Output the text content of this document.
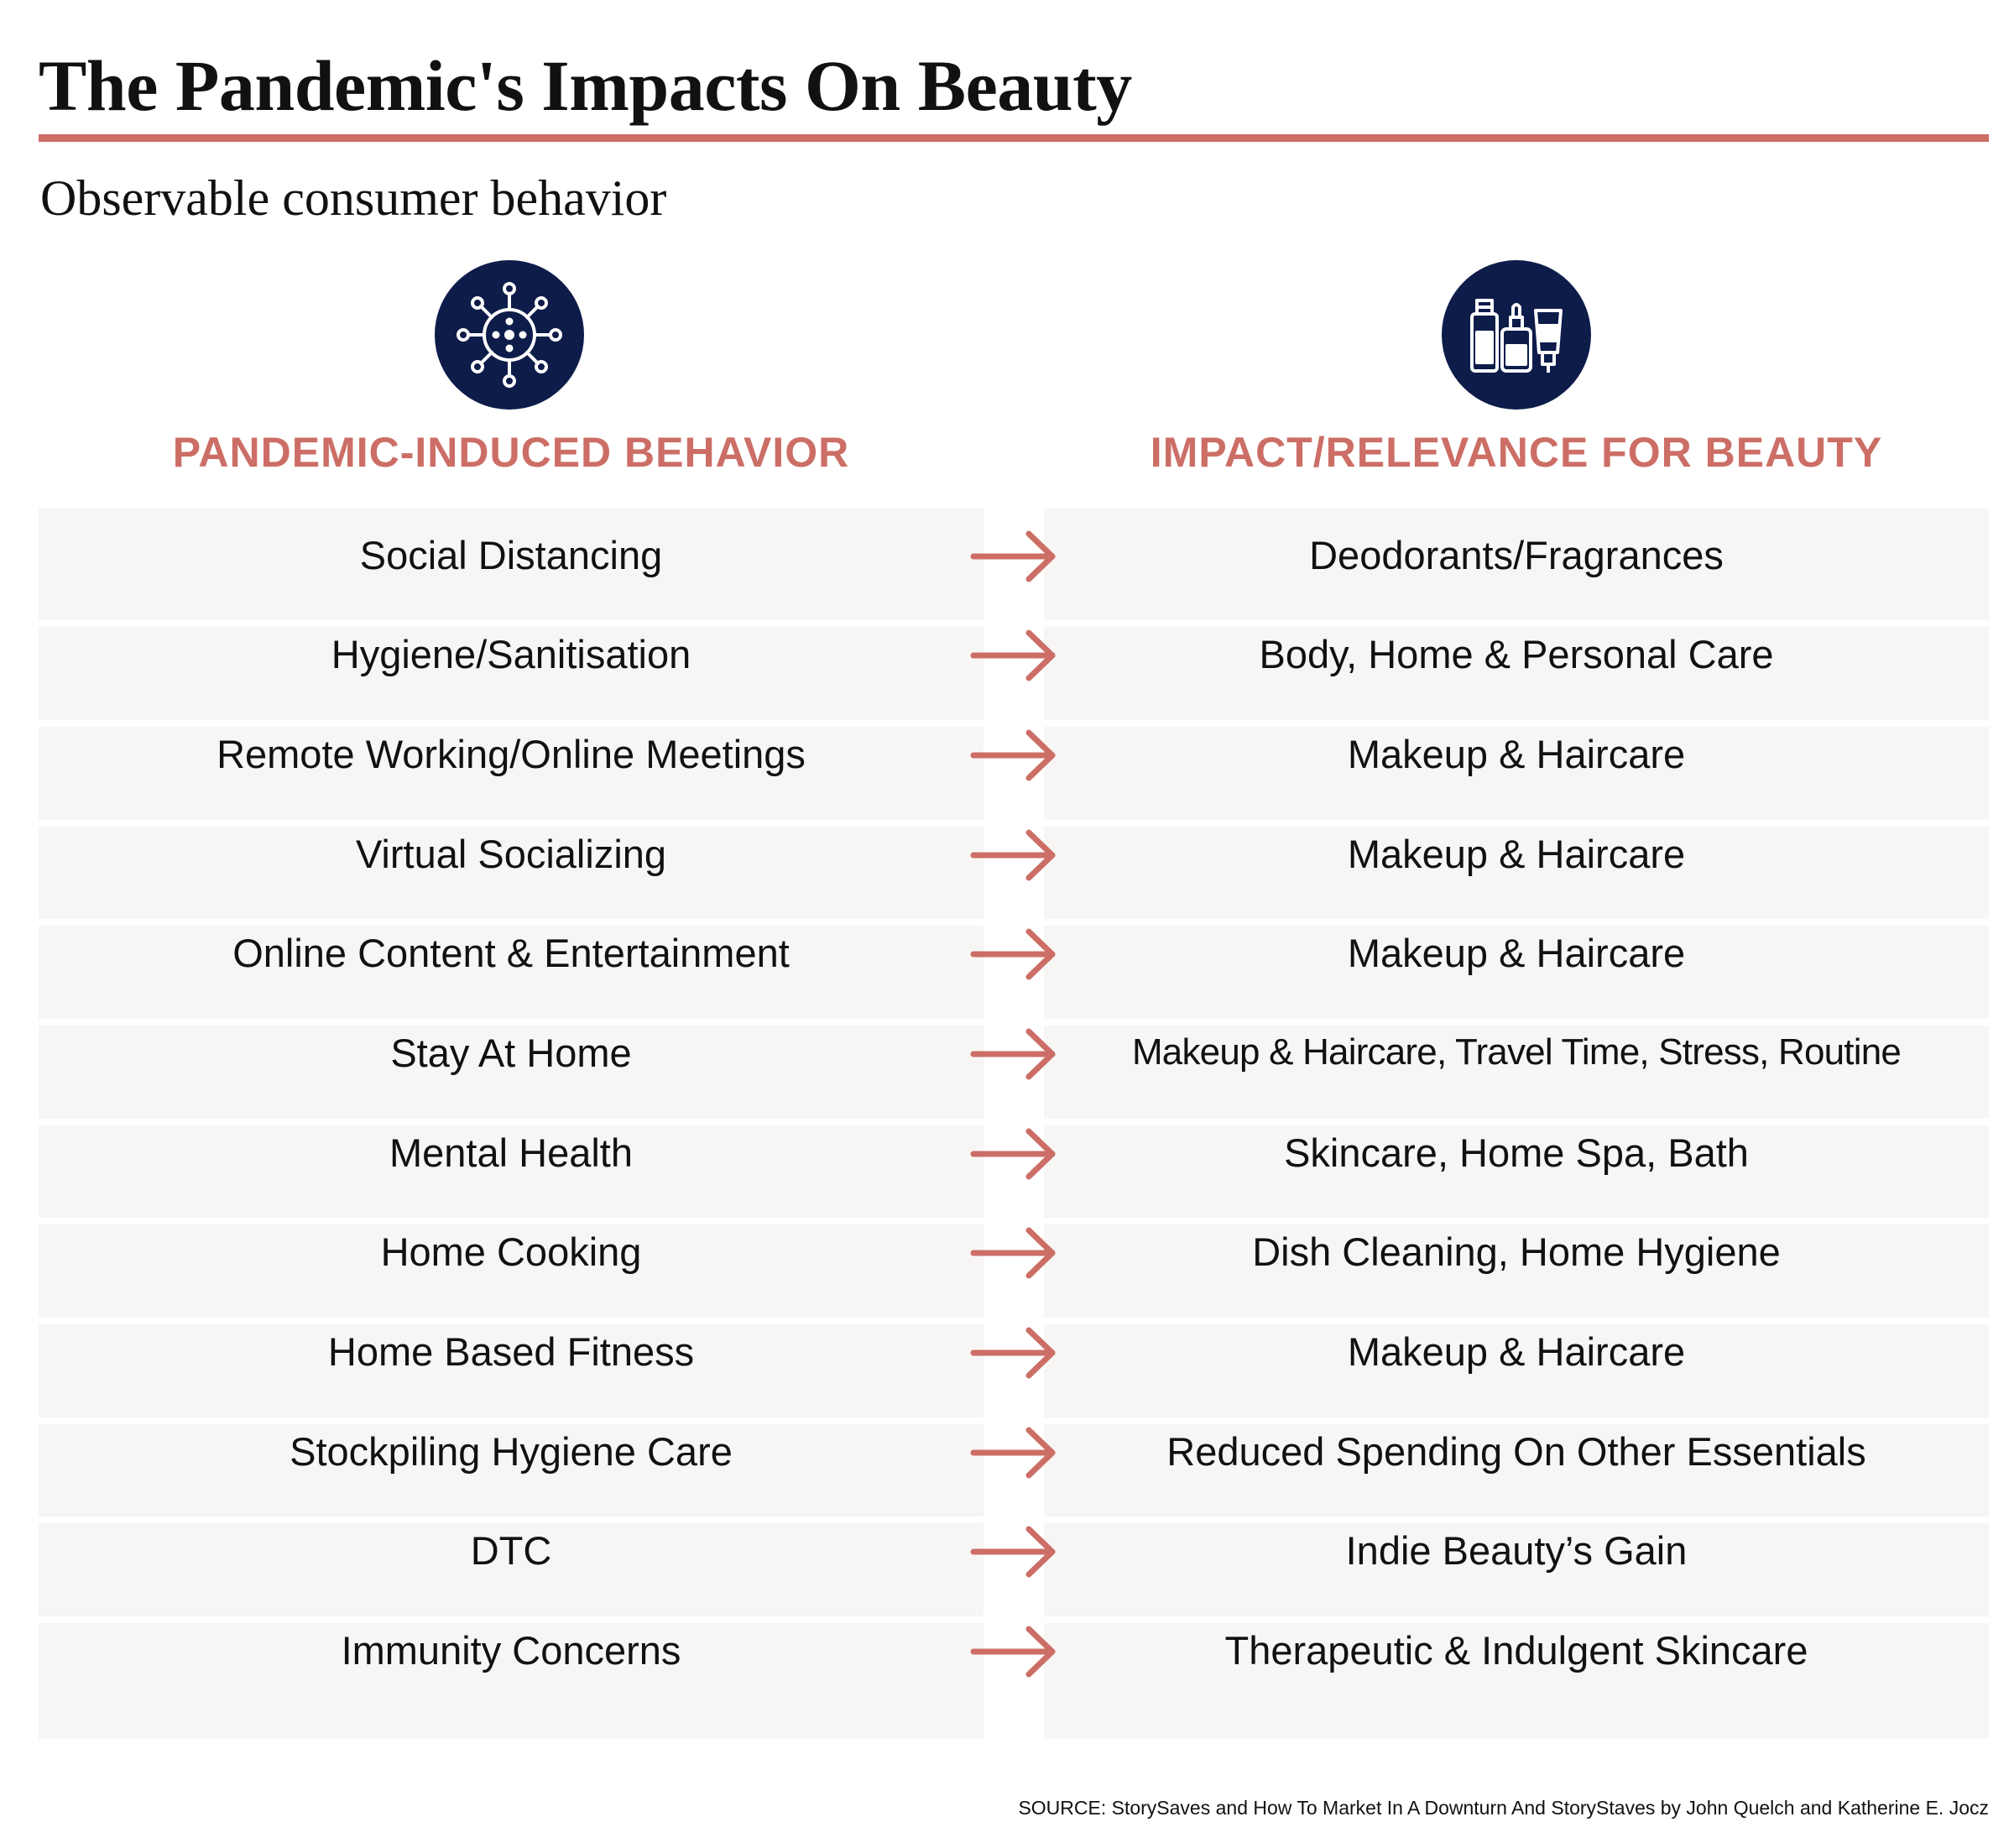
The Pandemic's Impacts On Beauty
Observable consumer behavior
PANDEMIC-INDUCED BEHAVIOR	IMPACT/RELEVANCE FOR BEAUTY
Social Distancing	Deodorants/Fragrances
Hygiene/Sanitisation	Body, Home & Personal Care
Remote Working/Online Meetings	Makeup & Haircare
Virtual Socializing	Makeup & Haircare
Online Content & Entertainment	Makeup & Haircare
Stay At Home	Makeup & Haircare, Travel Time, Stress, Routine
Mental Health	Skincare, Home Spa, Bath
Home Cooking	Dish Cleaning, Home Hygiene
Home Based Fitness	Makeup & Haircare
Stockpiling Hygiene Care	Reduced Spending On Other Essentials
DTC	Indie Beauty’s Gain
Immunity Concerns	Therapeutic & Indulgent Skincare
SOURCE: StorySaves and How To Market In A Downturn And StoryStaves by John Quelch and Katherine E. Jocz
